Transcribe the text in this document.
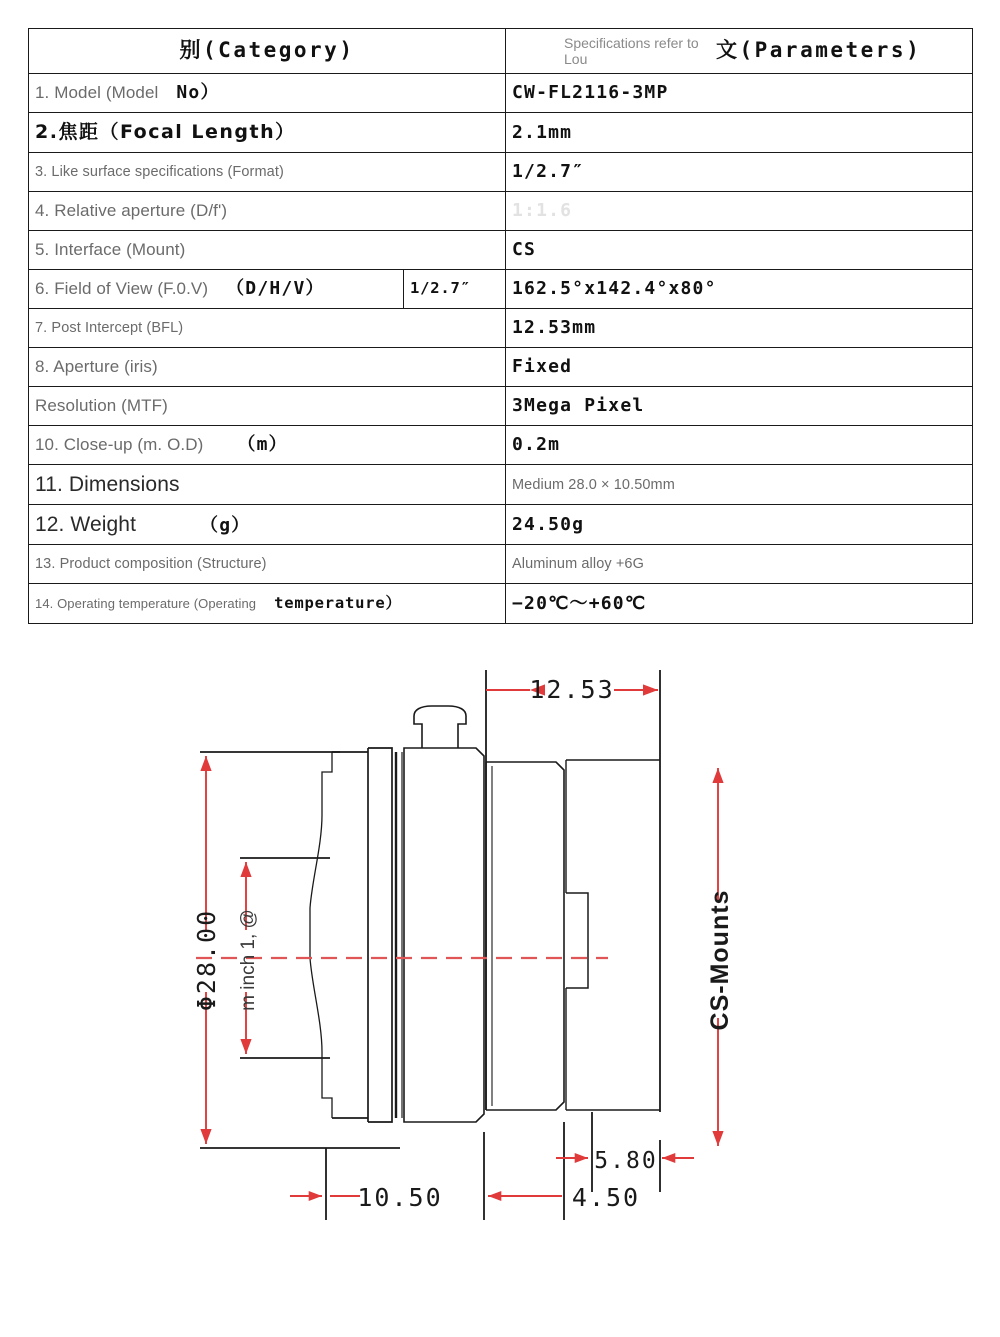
别(Category)		Specifications refer to Lou 文 (Parameters)

1. Model (Model No）		CW-FL2116-3MP
2.焦距（Focal Length）		2.1mm
3. Like surface specifications (Format)		1/2.7″
4. Relative aperture (D/f')		1:1.6
5. Interface (Mount)		CS

6. Field of View (F.0.V) （D/H/V）	1/2.7″	162.5°x142.4°x80°
7. Post Intercept (BFL)		12.53mm
8. Aperture (iris)		Fixed
Resolution (MTF)		3Mega Pixel

10. Close-up (m. O.D) （m）		0.2m
11. Dimensions		Medium 28.0 × 10.50mm

12. Weight （g）		24.50g
13. Product composition (Structure)		Aluminum alloy +6G

14. Operating temperature (Operating temperature）		−20℃～+60℃
12.53
Φ28.00 m inch 1, @	CS-Mounts
10.50	4.50
5.80
